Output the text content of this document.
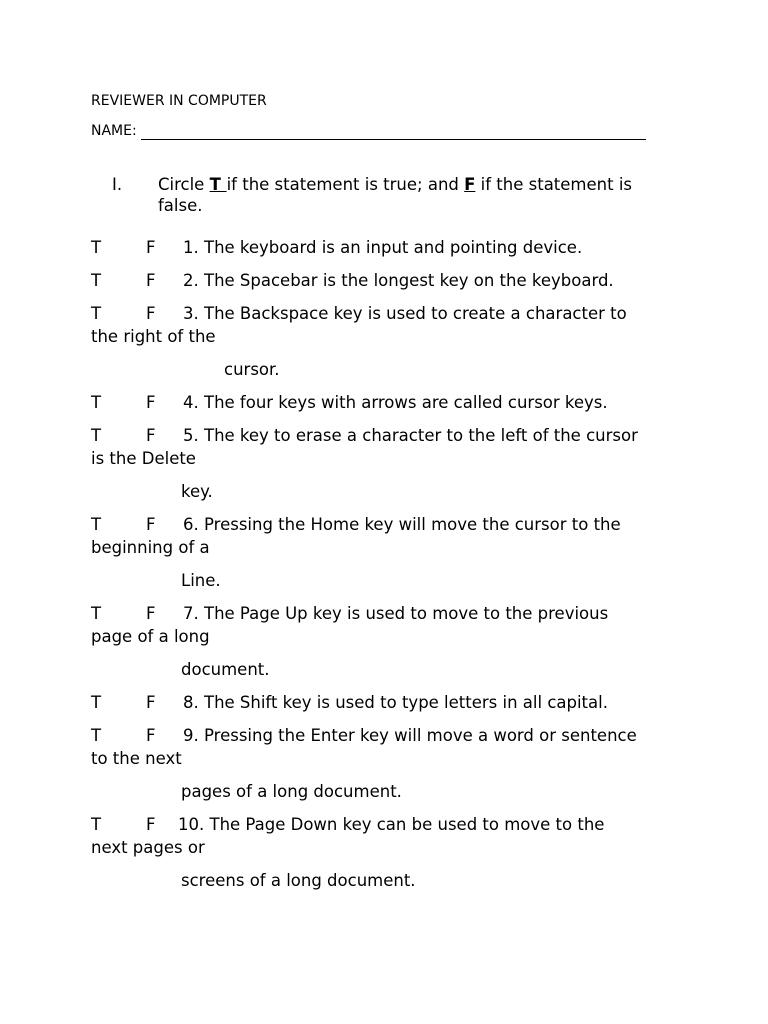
REVIEWER IN COMPUTER
NAME:
I. Circle T if the statement is true; and F if the statement is false.
T	F 1. The keyboard is an input and pointing device.
T	F 2. The Spacebar is the longest key on the keyboard.
T	F 3. The Backspace key is used to create a character to
the right of the
cursor.
T	F 4. The four keys with arrows are called cursor keys.
T	F 5. The key to erase a character to the left of the cursor
is the Delete
key.
T	F 6. Pressing the Home key will move the cursor to the
beginning of a
Line.
T	F 7. The Page Up key is used to move to the previous
page of a long
document.
T	F 8. The Shift key is used to type letters in all capital.
T	F 9. Pressing the Enter key will move a word or sentence
to the next
pages of a long document.
T	F 10. The Page Down key can be used to move to the
next pages or
screens of a long document.
